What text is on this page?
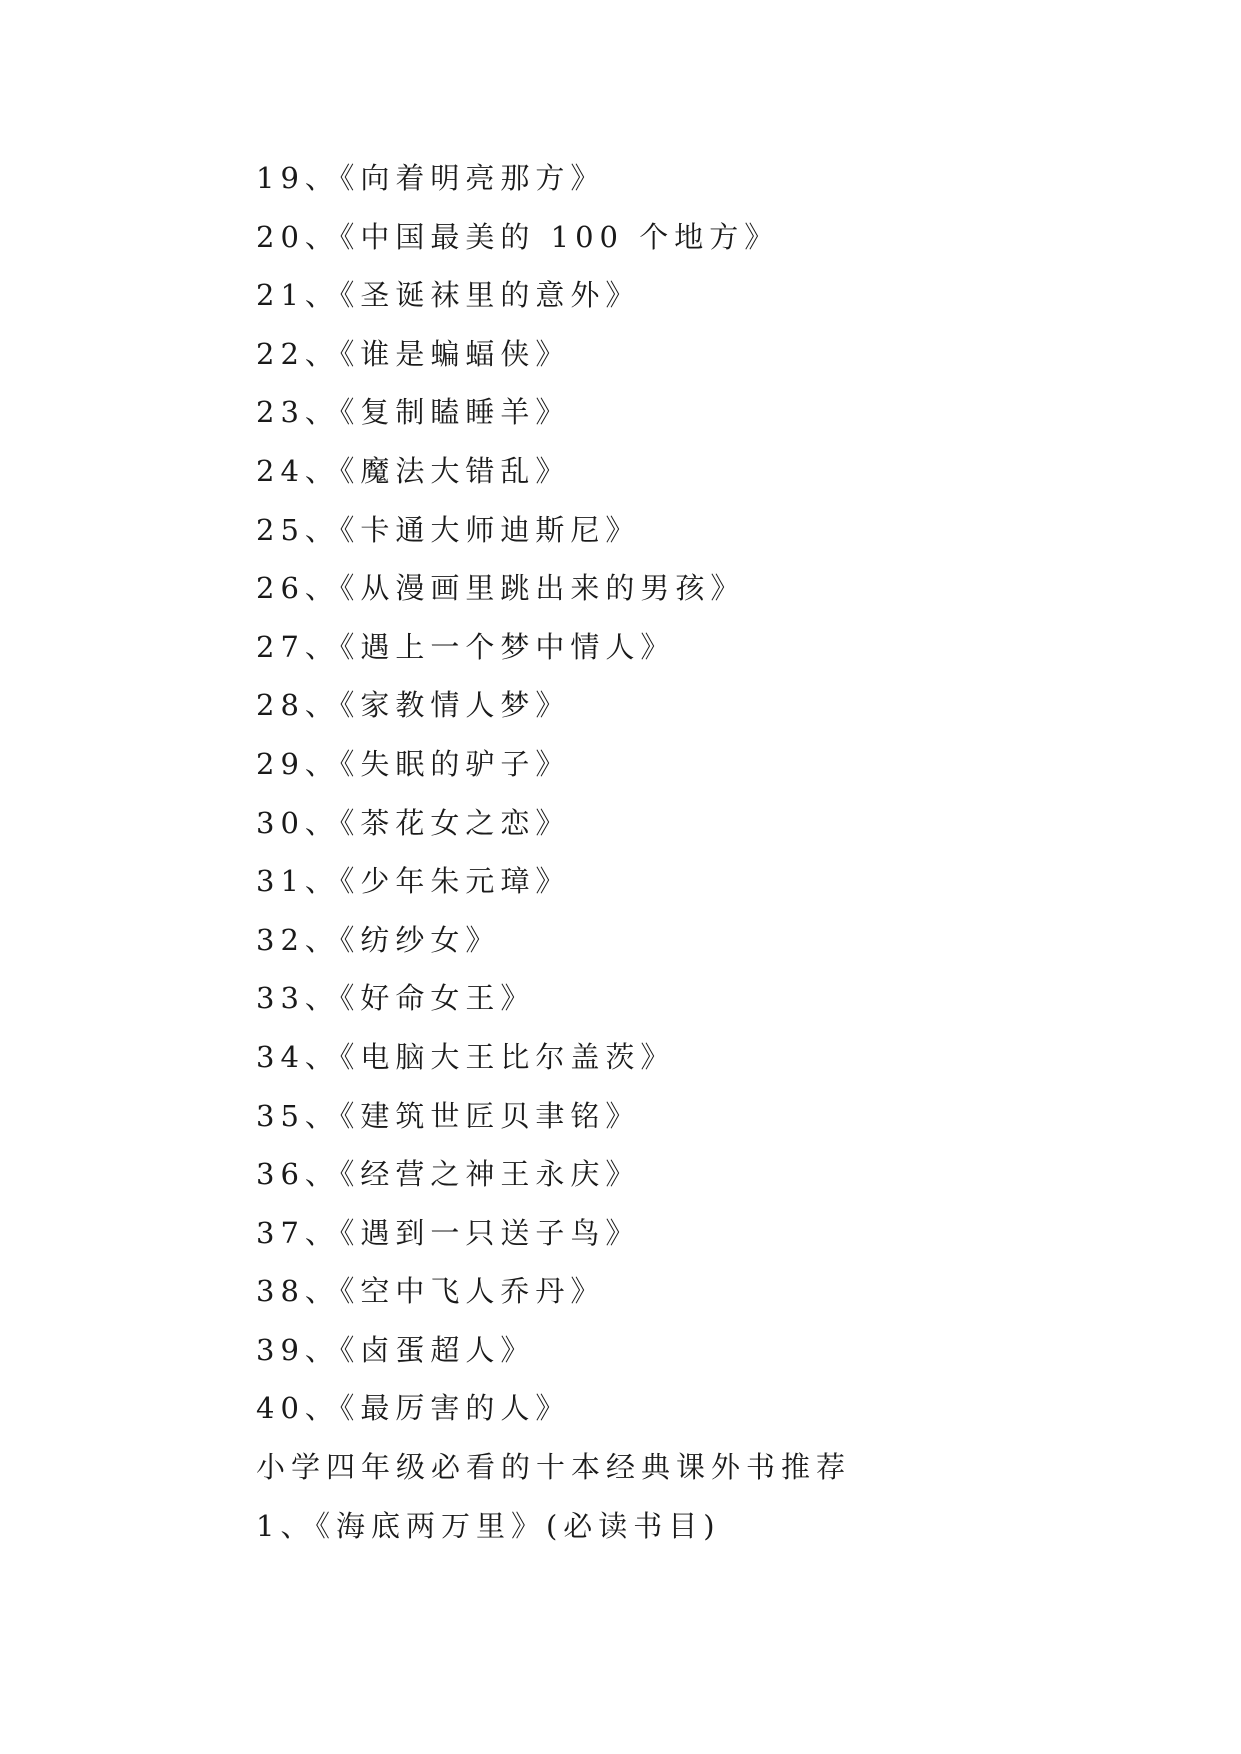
19、《向着明亮那方》
20、《中国最美的 100 个地方》
21、《圣诞袜里的意外》
22、《谁是蝙蝠侠》
23、《复制瞌睡羊》
24、《魔法大错乱》
25、《卡通大师迪斯尼》
26、《从漫画里跳出来的男孩》
27、《遇上一个梦中情人》
28、《家教情人梦》
29、《失眠的驴子》
30、《茶花女之恋》
31、《少年朱元璋》
32、《纺纱女》
33、《好命女王》
34、《电脑大王比尔盖茨》
35、《建筑世匠贝聿铭》
36、《经营之神王永庆》
37、《遇到一只送子鸟》
38、《空中飞人乔丹》
39、《卤蛋超人》
40、《最厉害的人》
小学四年级必看的十本经典课外书推荐
1、《海底两万里》(必读书目)
